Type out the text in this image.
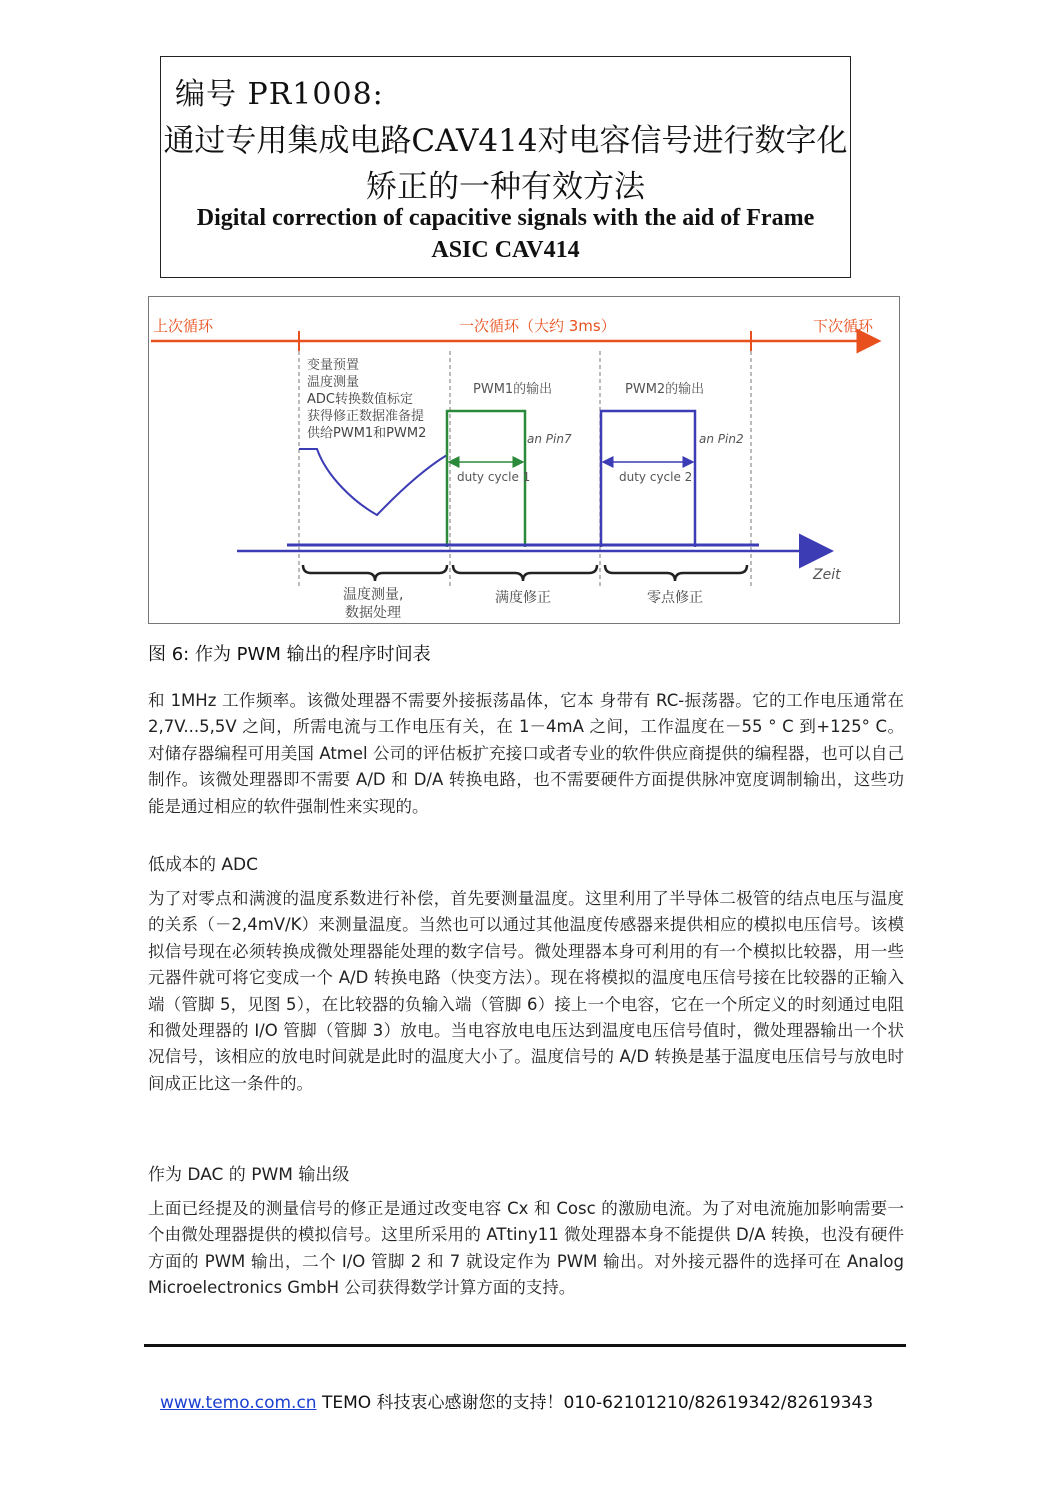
编号 PR1008:
通过专用集成电路CAV414对电容信号进行数字化
矫正的一种有效方法
Digital correction of capacitive signals with the aid of Frame
ASIC CAV414
上次循环	一次循环（大约 3ms）	下次循环
变量预置 温度测量 ADC转换数值标定 获得修正数据准备提 供给PWM1和PWM2
PWM1的输出
an Pin7
duty cycle 1
PWM2的输出
an Pin2
duty cycle 2
Zeit
温度测量,
数据处理
满度修正	零点修正
图 6: 作为 PWM 输出的程序时间表

和 1MHz 工作频率。该微处理器不需要外接振荡晶体，它本 身带有 RC-振荡器。它的工作电压通常在 2,7V...5,5V 之间，所需电流与工作电压有关，在 1－4mA 之间，工作温度在－55 ° C 到+125° C。对储存器编程可用美国 Atmel 公司的评估板扩充接口或者专业的软件供应商提供的编程器，也可以自己制作。该微处理器即不需要 A/D 和 D/A 转换电路，也不需要硬件方面提供脉冲宽度调制输出，这些功能是通过相应的软件强制性来实现的。

低成本的 ADC

为了对零点和满渡的温度系数进行补偿，首先要测量温度。这里利用了半导体二极管的结点电压与温度的关系（－2,4mV/K）来测量温度。当然也可以通过其他温度传感器来提供相应的模拟电压信号。该模拟信号现在必须转换成微处理器能处理的数字信号。微处理器本身可利用的有一个模拟比较器，用一些元器件就可将它变成一个 A/D 转换电路（快变方法）。现在将模拟的温度电压信号接在比较器的正输入端（管脚 5，见图 5），在比较器的负输入端（管脚 6）接上一个电容，它在一个所定义的时刻通过电阻和微处理器的 I/O 管脚（管脚 3）放电。当电容放电电压达到温度电压信号值时，微处理器输出一个状况信号，该相应的放电时间就是此时的温度大小了。温度信号的 A/D 转换是基于温度电压信号与放电时间成正比这一条件的。

作为 DAC 的 PWM 输出级

上面已经提及的测量信号的修正是通过改变电容 Cx 和 Cosc 的激励电流。为了对电流施加影响需要一个由微处理器提供的模拟信号。这里所采用的 ATtiny11 微处理器本身不能提供 D/A 转换，也没有硬件方面的 PWM 输出，二个 I/O 管脚 2 和 7 就设定作为 PWM 输出。对外接元器件的选择可在 Analog Microelectronics GmbH 公司获得数学计算方面的支持。

www.temo.com.cn TEMO 科技衷心感谢您的支持！010-62101210/82619342/82619343
